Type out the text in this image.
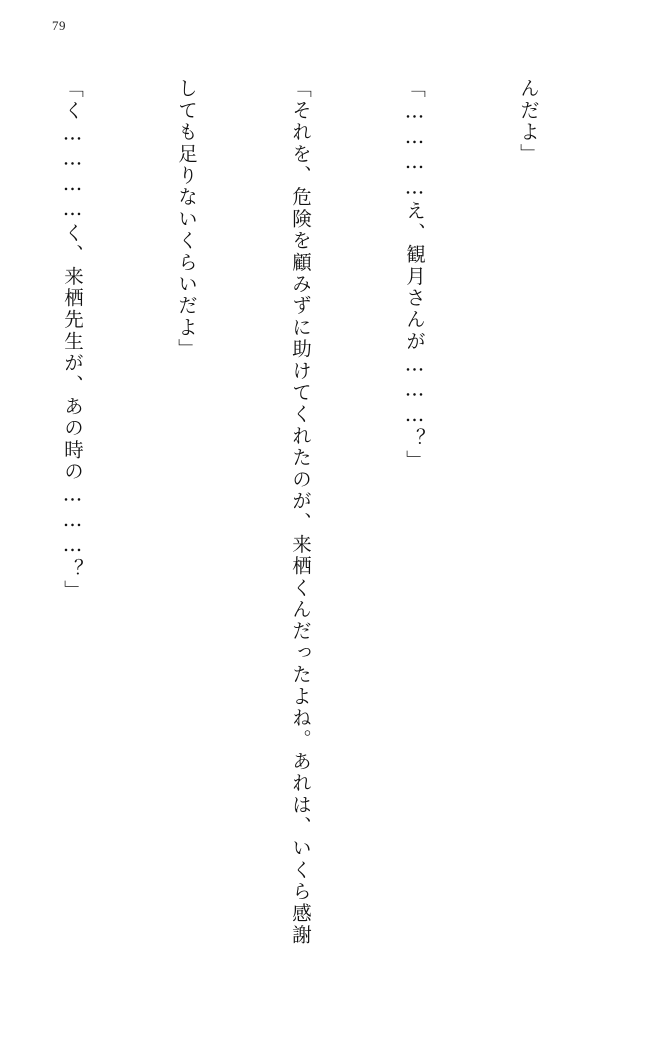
79

んだよ」

「…………え、観月さんが………？」

「それを、危険を顧みずに助けてくれたのが、来栖くんだったよね。あれは、いくら感謝

しても足りないくらいだよ」

「く…………く、来栖先生が、あの時の………？」
